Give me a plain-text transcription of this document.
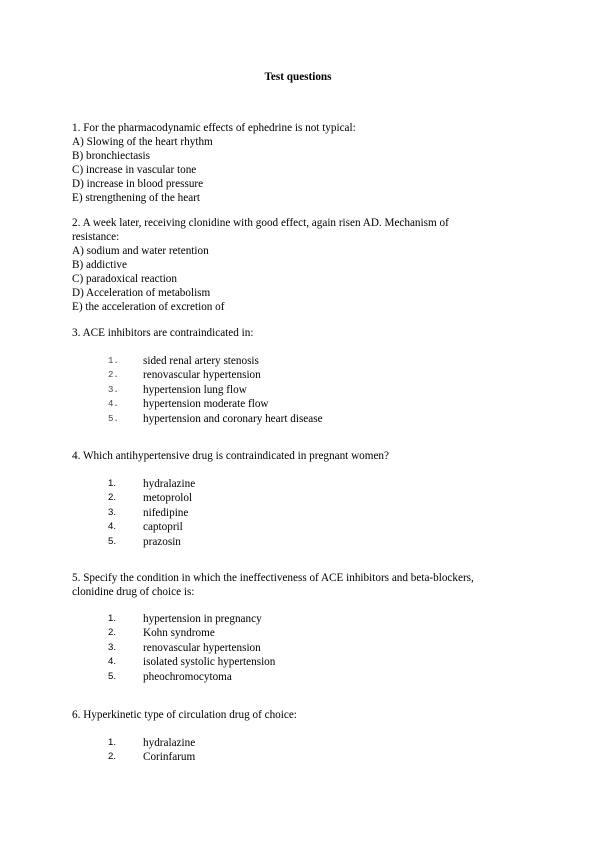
Test questions

1. For the pharmacodynamic effects of ephedrine is not typical:

A) Slowing of the heart rhythm
B) bronchiectasis
C) increase in vascular tone
D) increase in blood pressure
E) strengthening of the heart

2. A week later, receiving clonidine with good effect, again risen AD. Mechanism of

resistance:

A) sodium and water retention
B) addictive
C) paradoxical reaction
D) Acceleration of metabolism
E) the acceleration of excretion of

3. ACE inhibitors are contraindicated in:

1. sided renal artery stenosis
2. renovascular hypertension
3. hypertension lung flow
4. hypertension moderate flow
5. hypertension and coronary heart disease

4. Which antihypertensive drug is contraindicated in pregnant women?

1. hydralazine
2. metoprolol
3. nifedipine
4. captopril
5. prazosin

5. Specify the condition in which the ineffectiveness of ACE inhibitors and beta-blockers,

clonidine drug of choice is:

1. hypertension in pregnancy
2. Kohn syndrome
3. renovascular hypertension
4. isolated systolic hypertension
5. pheochromocytoma

6. Hyperkinetic type of circulation drug of choice:

1. hydralazine
2. Corinfarum
